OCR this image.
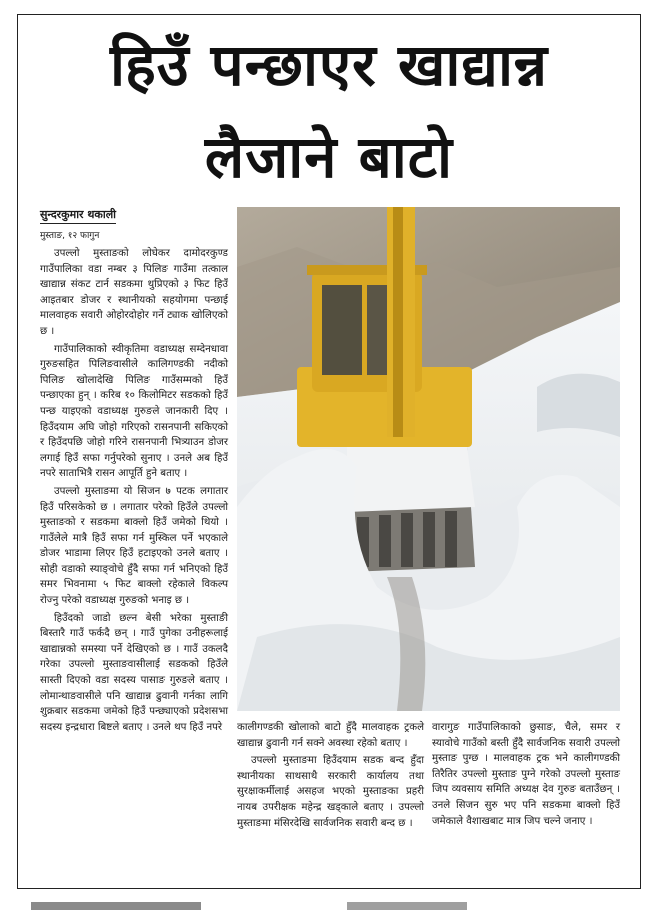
हिउँ पन्छाएर खाद्यान्न
लैजाने बाटो
सुन्दरकुमार थकाली
मुस्ताङ, १२ फागुन

उपल्लो मुस्ताङको लोघेकर दामोदरकुण्ड गाउँपालिका वडा नम्बर ३ पिलिङ गाउँमा तत्काल खाद्यान्न संकट टार्न सडकमा थुप्रिएको ३ फिट हिउँ आइतबार डोजर र स्थानीयको सहयोगमा पन्छाई मालवाहक सवारी ओहोरदोहोर गर्ने ट्याक खोलिएको छ ।

गाउँपालिकाको स्वीकृतिमा वडाध्यक्ष सम्देनधावा गुरुङसहित पिलिङवासीले कालिगण्डकी नदीको पिलिङ खोलादेखि पिलिङ गाउँसम्मको हिउँ पन्छाएका हुन् । करिब १० किलोमिटर सडकको हिउँ पन्छ याइएको वडाध्यक्ष गुरुङले जानकारी दिए । हिउँदयाम अघि जोहो गरिएको रासनपानी सकिएको र हिउँदपछि जोहो गरिने रासनपानी भित्र्याउन डोजर लगाई हिउँ सफा गर्नुपरेको सुनाए । उनले अब हिउँ नपरे साताभित्रै रासन आपूर्ति हुने बताए ।

उपल्लो मुस्ताङमा यो सिजन ७ पटक लगातार हिउँ परिसकेको छ । लगातार परेको हिउँले उपल्लो मुस्ताङको र सडकमा बाक्लो हिउँ जमेको थियो । गाउँलेले मात्रै हिउँ सफा गर्न मुस्किल पर्ने भएकाले डोजर भाडामा लिएर हिउँ हटाइएको उनले बताए । सोही वडाको स्याङ्वोचे हुँदै सफा गर्न भनिएको हिउँ समर भिवनामा ५ फिट बाक्लो रहेकाले विकल्प रोज्नु परेको वडाध्यक्ष गुरुङको भनाइ छ ।

हिउँदको जाडो छल्न बेसी भरेका मुस्ताङी बिस्तारै गाउँ फर्कदै छन् । गाउँ पुगेका उनीहरूलाई खाद्यान्नको समस्या पर्ने देखिएको छ । गाउँ उकलदै गरेका उपल्लो मुस्ताङवासीलाई सडकको हिउँले सास्ती दिएको वडा सदस्य पासाङ गुरुङले बताए । लोमान्थाङवासीले पनि खाद्यान्न ढुवानी गर्नका लागि शुक्रबार सडकमा जमेको हिउँ पन्छ्याएको प्रदेशसभा सदस्य इन्द्रधारा बिष्टले बताए । उनले थप हिउँ नपरे	कालीगण्डकी खोलाको बाटो हुँदै मालवाहक ट्रकले खाद्यान्न ढुवानी गर्न सक्ने अवस्था रहेको बताए ।

उपल्लो मुस्ताङमा हिउँदयाम सडक बन्द हुँदा स्थानीयका साथसाथै सरकारी कार्यालय तथा सुरक्षाकर्मीलाई असहज भएको मुस्ताङका प्रहरी नायब उपरीक्षक महेन्द्र खड्काले बताए । उपल्लो मुस्ताङमा मंसिरदेखि सार्वजनिक सवारी बन्द छ ।

वारागुङ गाउँपालिकाको छुसाङ, चैले, समर र स्यावोचे गाउँको बस्ती हुँदै सार्वजनिक सवारी उपल्लो मुस्ताङ पुग्छ । मालवाहक ट्रक भने कालीगण्डकी तिरैतिर उपल्लो मुस्ताङ पुग्ने गरेको उपल्लो मुस्ताङ जिप व्यवसाय समिति अध्यक्ष देव गुरुङ बताउँछन् । उनले सिजन सुरु भए पनि सडकमा बाक्लो हिउँ जमेकाले वैशाखबाट मात्र जिप चल्ने जनाए ।
